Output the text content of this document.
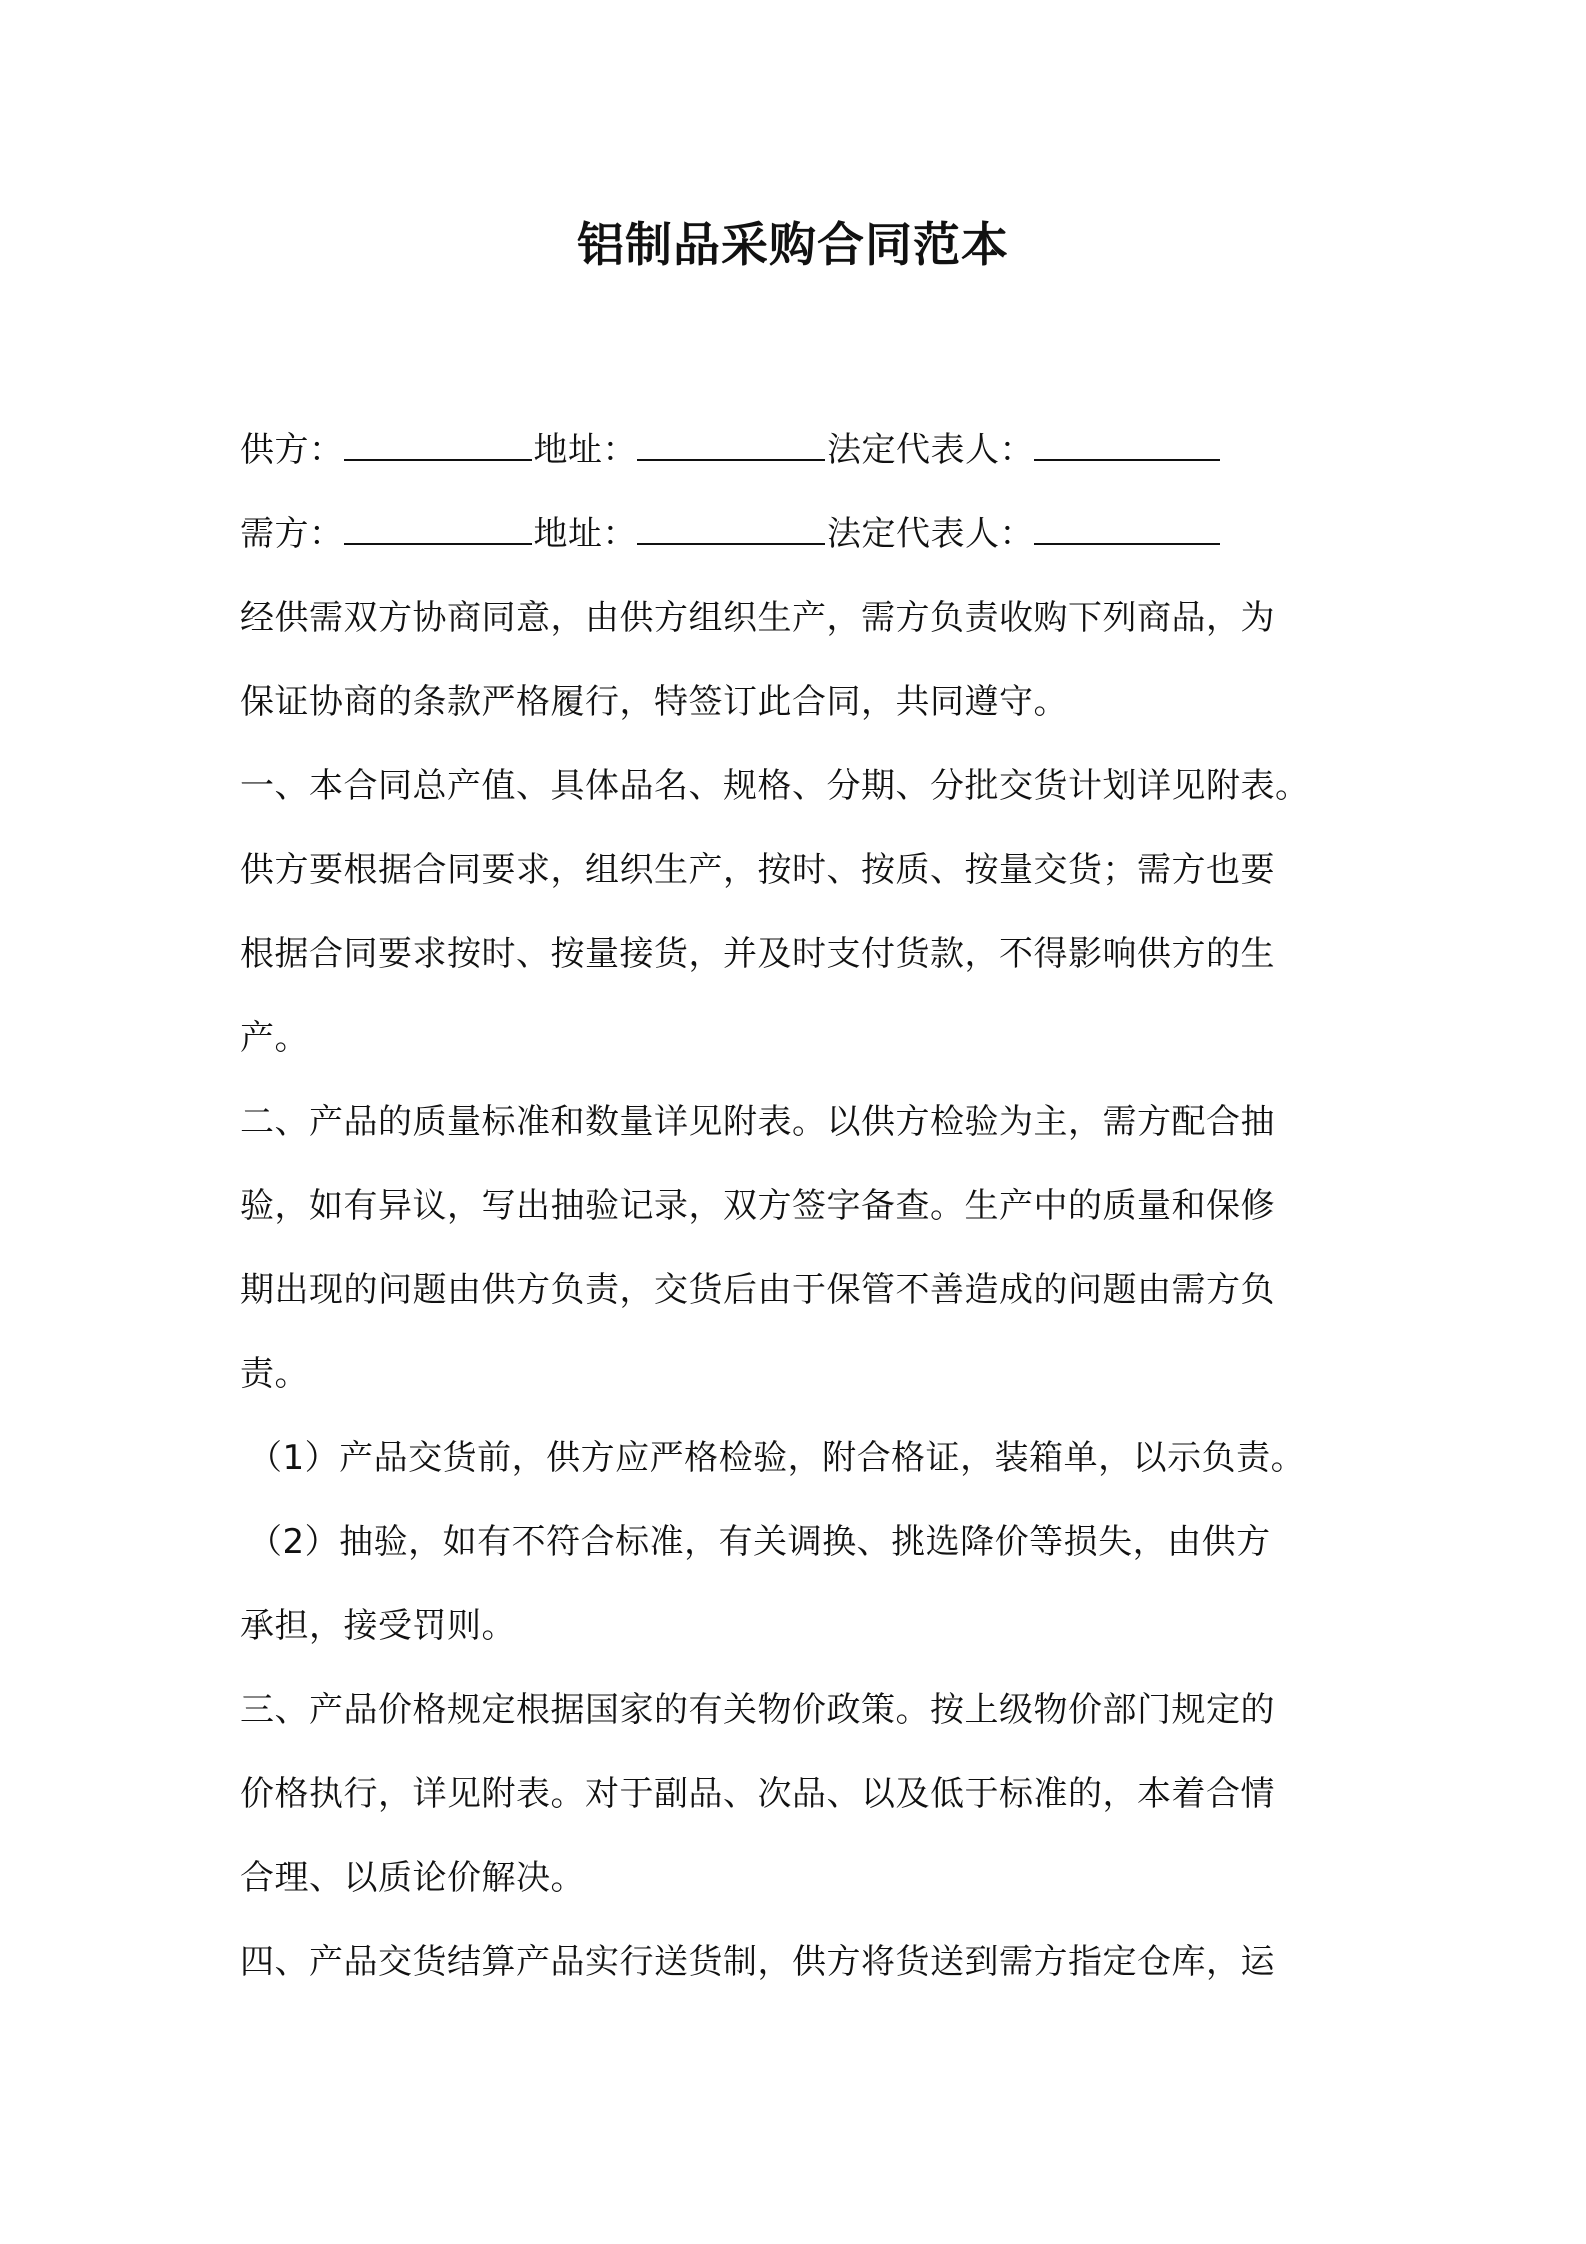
铝制品采购合同范本
供方：	地址：	法定代表人：
需方：	地址：	法定代表人：
经供需双方协商同意，由供方组织生产，需方负责收购下列商品，为
保证协商的条款严格履行，特签订此合同，共同遵守。
一、本合同总产值、具体品名、规格、分期、分批交货计划详见附表。
供方要根据合同要求，组织生产，按时、按质、按量交货；需方也要
根据合同要求按时、按量接货，并及时支付货款，不得影响供方的生
产。
二、产品的质量标准和数量详见附表。以供方检验为主，需方配合抽
验，如有异议，写出抽验记录，双方签字备查。生产中的质量和保修
期出现的问题由供方负责，交货后由于保管不善造成的问题由需方负
责。
（1）产品交货前，供方应严格检验，附合格证，装箱单，以示负责。
（2）抽验，如有不符合标准，有关调换、挑选降价等损失，由供方
承担，接受罚则。
三、产品价格规定根据国家的有关物价政策。按上级物价部门规定的
价格执行，详见附表。对于副品、次品、以及低于标准的，本着合情
合理、以质论价解决。
四、产品交货结算产品实行送货制，供方将货送到需方指定仓库，运
